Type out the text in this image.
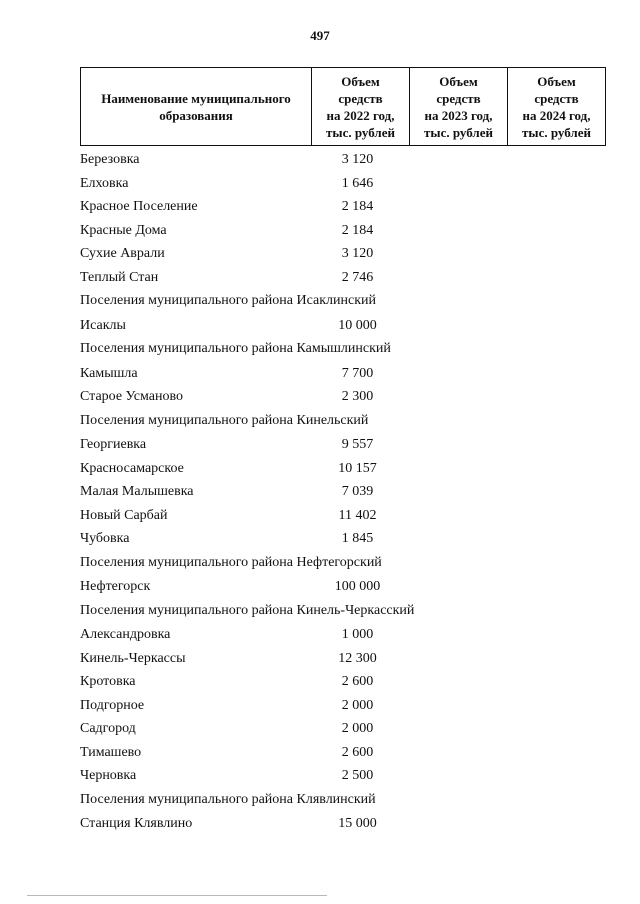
497
Наименование муниципального
образования	Объем
средств
на 2022 год,
тыс. рублей	Объем
средств
на 2023 год,
тыс. рублей	Объем
средств
на 2024 год,
тыс. рублей
Березовка	3 120
Елховка	1 646
Красное Поселение	2 184
Красные Дома	2 184
Сухие Аврали	3 120
Теплый Стан	2 746
Поселения муниципального района Исаклинский
Исаклы	10 000
Поселения муниципального района Камышлинский
Камышла	7 700
Старое Усманово	2 300
Поселения муниципального района Кинельский
Георгиевка	9 557
Красносамарское	10 157
Малая Малышевка	7 039
Новый Сарбай	11 402
Чубовка	1 845
Поселения муниципального района Нефтегорский
Нефтегорск	100 000
Поселения муниципального района Кинель-Черкасский
Александровка	1 000
Кинель-Черкассы	12 300
Кротовка	2 600
Подгорное	2 000
Садгород	2 000
Тимашево	2 600
Черновка	2 500
Поселения муниципального района Клявлинский
Станция Клявлино	15 000
